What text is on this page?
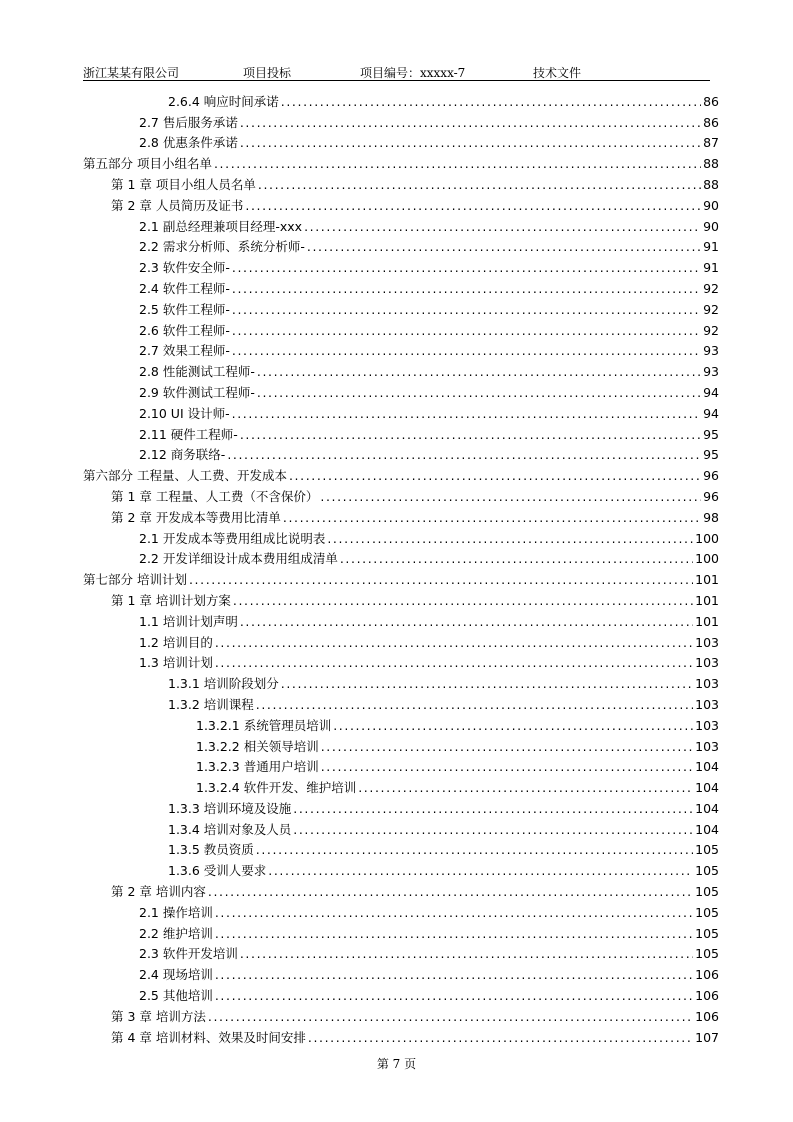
浙江某某有限公司	项目投标	项目编号：xxxxx-7	技术文件
2.6.4 响应时间承诺 .....	86
2.7 售后服务承诺 .....	86
2.8 优惠条件承诺 .....	87
第五部分 项目小组名单 .....	88
第 1 章 项目小组人员名单 .....	88
第 2 章 人员简历及证书 .....	90
2.1 副总经理兼项目经理-xxx .....	90
2.2 需求分析师、系统分析师- .....	91
2.3 软件安全师- .....	91
2.4 软件工程师- .....	92
2.5 软件工程师- .....	92
2.6 软件工程师- .....	92
2.7 效果工程师- .....	93
2.8 性能测试工程师- .....	93
2.9 软件测试工程师- .....	94
2.10 UI 设计师- .....	94
2.11 硬件工程师- .....	95
2.12 商务联络- .....	95
第六部分 工程量、人工费、开发成本 .....	96
第 1 章 工程量、人工费（不含保价） .....	96
第 2 章 开发成本等费用比清单 .....	98
2.1 开发成本等费用组成比说明表 .....	100
2.2 开发详细设计成本费用组成清单 .....	100
第七部分 培训计划 .....	101
第 1 章 培训计划方案 .....	101
1.1 培训计划声明 .....	101
1.2 培训目的 .....	103
1.3 培训计划 .....	103
1.3.1 培训阶段划分 .....	103
1.3.2 培训课程 .....	103
1.3.2.1 系统管理员培训 .....	103
1.3.2.2 相关领导培训 .....	103
1.3.2.3 普通用户培训 .....	104
1.3.2.4 软件开发、维护培训 .....	104
1.3.3 培训环境及设施 .....	104
1.3.4 培训对象及人员 .....	104
1.3.5 教员资质 .....	105
1.3.6 受训人要求 .....	105
第 2 章 培训内容 .....	105
2.1 操作培训 .....	105
2.2 维护培训 .....	105
2.3 软件开发培训 .....	105
2.4 现场培训 .....	106
2.5 其他培训 .....	106
第 3 章 培训方法 .....	106
第 4 章 培训材料、效果及时间安排 .....	107
第 7 页
